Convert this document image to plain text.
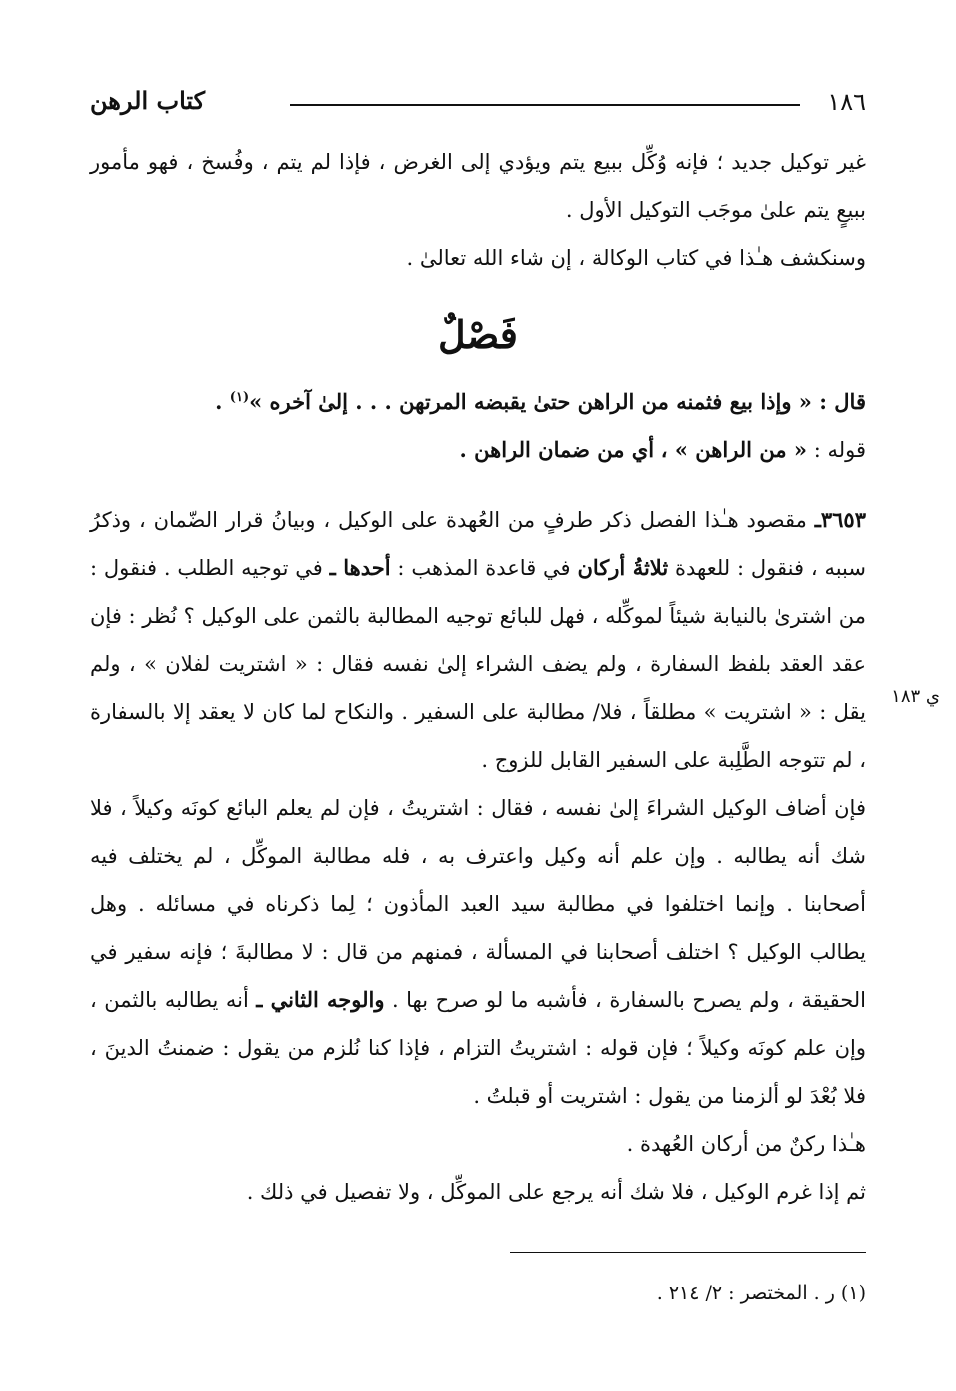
١٨٦
كتاب الرهن
ي ١٨٣

غير توكيل جديد ؛ فإنه وُكِّل ببيع يتم ويؤدي إلى الغرض ، فإذا لم يتم ، وفُسخ ، فهو مأمور ببيعٍ يتم علىٰ موجَب التوكيل الأول .

وسنكشف هـٰذا في كتاب الوكالة ، إن شاء الله تعالىٰ .

فَصْلٌ

قال : « وإذا بيع فثمنه من الراهن حتىٰ يقبضه المرتهن . . . إلىٰ آخره »$^{(١)}$ .

قوله : « من الراهن » ، أي من ضمان الراهن .

٣٦٥٣ـ مقصود هـٰذا الفصل ذكر طرفٍ من العُهدة على الوكيل ، وبيانُ قرار الضّمان ، وذكرُ سببه ، فنقول : للعهدة ثلاثةُ أركان في قاعدة المذهب : أحدها ـ في توجيه الطلب . فنقول : من اشترىٰ بالنيابة شيئاً لموكِّله ، فهل للبائع توجيه المطالبة بالثمن على الوكيل ؟ نُظر : فإن عقد العقد بلفظ السفارة ، ولم يضف الشراء إلىٰ نفسه فقال : « اشتريت لفلان » ، ولم يقل : « اشتريت » مطلقاً ، فلا/ مطالبة على السفير . والنكاح لما كان لا يعقد إلا بالسفارة ، لم تتوجه الطَّلِبة على السفير القابل للزوج .

فإن أضاف الوكيل الشراءَ إلىٰ نفسه ، فقال : اشتريتُ ، فإن لم يعلم البائع كونَه وكيلاً ، فلا شك أنه يطالبه . وإن علم أنه وكيل واعترف به ، فله مطالبة الموكِّل ، لم يختلف فيه أصحابنا . وإنما اختلفوا في مطالبة سيد العبد المأذون ؛ لِما ذكرناه في مسائله . وهل يطالب الوكيل ؟ اختلف أصحابنا في المسألة ، فمنهم من قال : لا مطالبةَ ؛ فإنه سفير في الحقيقة ، ولم يصرح بالسفارة ، فأشبه ما لو صرح بها . والوجه الثاني ـ أنه يطالبه بالثمن ، وإن علم كونَه وكيلاً ؛ فإن قوله : اشتريتُ التزام ، فإذا كنا نُلزم من يقول : ضمنتُ الدينَ ، فلا بُعْدَ لو ألزمنا من يقول : اشتريت أو قبلتُ .

هـٰذا ركنٌ من أركان العُهدة .

ثم إذا غرم الوكيل ، فلا شك أنه يرجع على الموكِّل ، ولا تفصيل في ذلك .

(١) ر . المختصر : ٢/ ٢١٤ .
